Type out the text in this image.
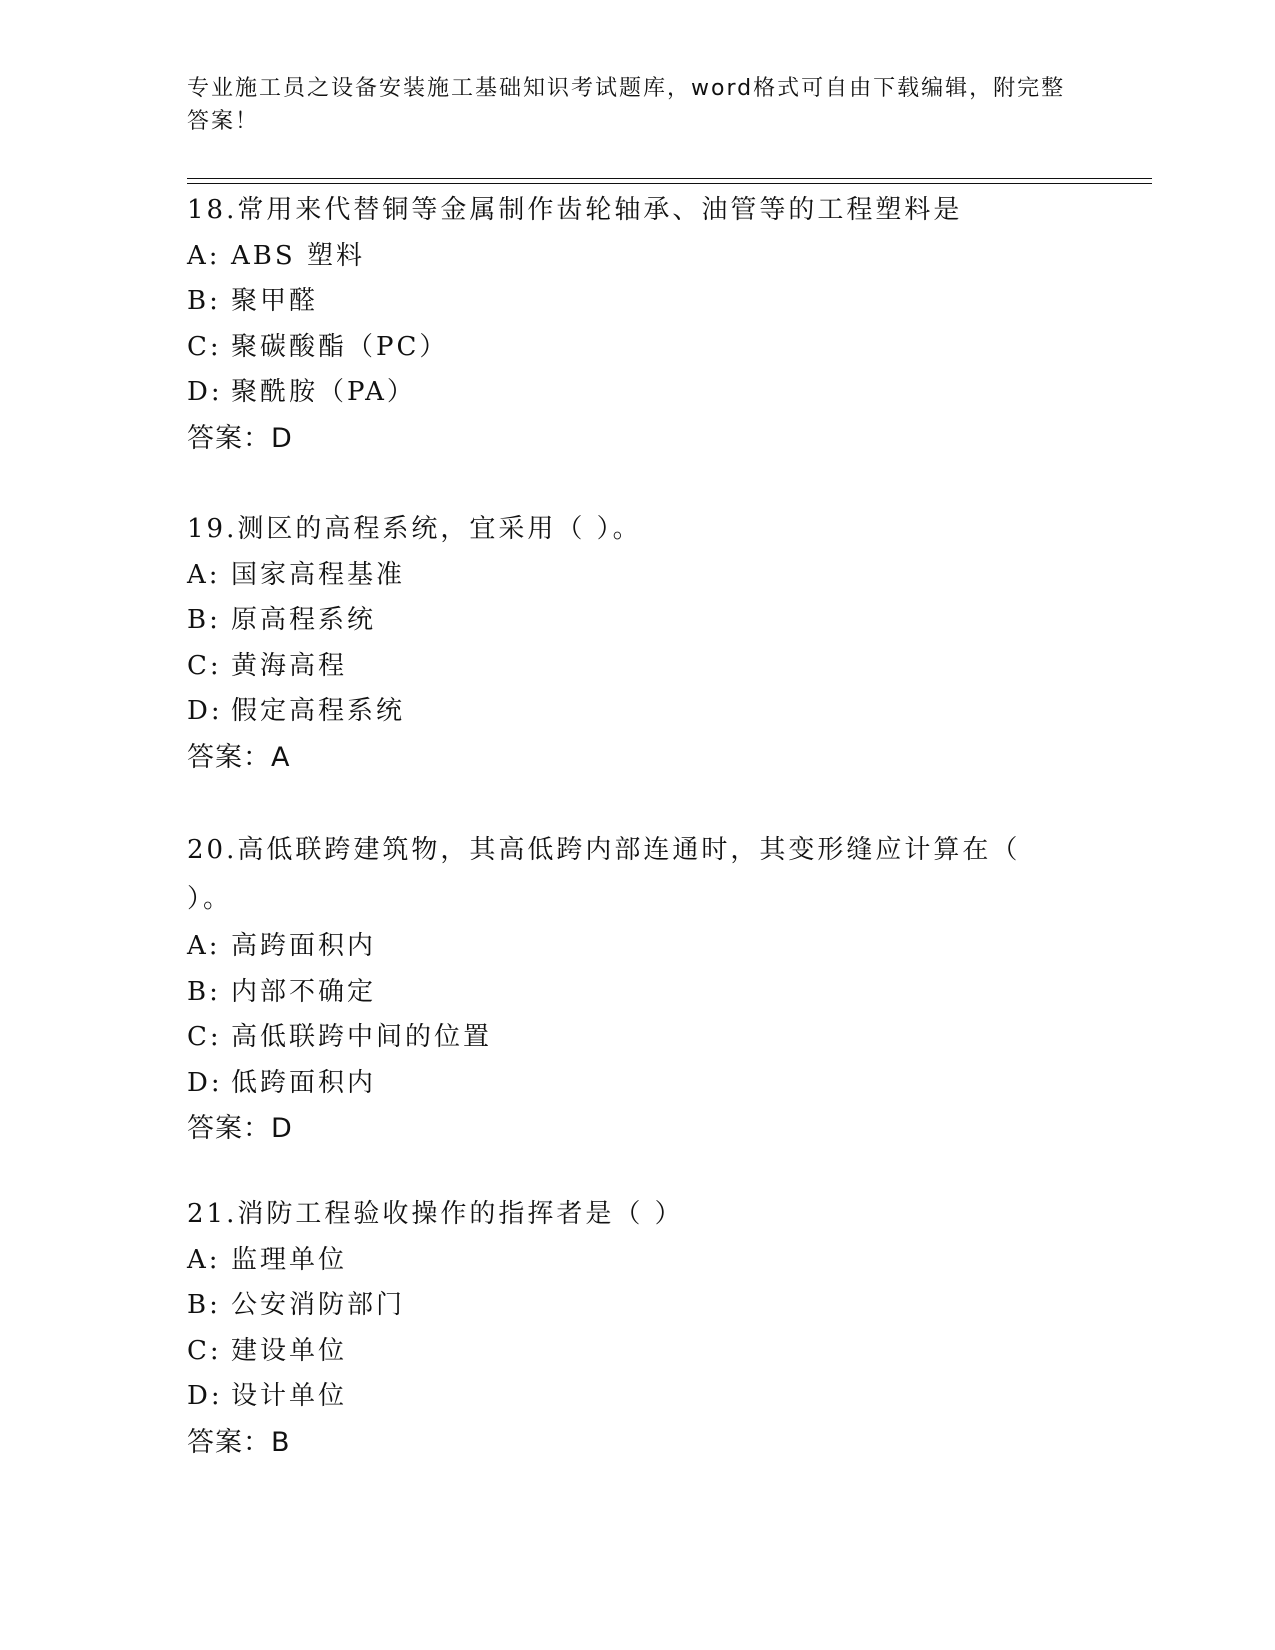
专业施工员之设备安装施工基础知识考试题库，word格式可自由下载编辑，附完整答案！
18.常用来代替铜等金属制作齿轮轴承、油管等的工程塑料是
A: ABS 塑料
B: 聚甲醛
C: 聚碳酸酯（PC）
D: 聚酰胺（PA）
答案：D
19.测区的高程系统，宜采用（ ）。
A: 国家高程基准
B: 原高程系统
C: 黄海高程
D: 假定高程系统
答案：A
20.高低联跨建筑物，其高低跨内部连通时，其变形缝应计算在（ ）。
A: 高跨面积内
B: 内部不确定
C: 高低联跨中间的位置
D: 低跨面积内
答案：D
21.消防工程验收操作的指挥者是（ ）
A: 监理单位
B: 公安消防部门
C: 建设单位
D: 设计单位
答案：B
